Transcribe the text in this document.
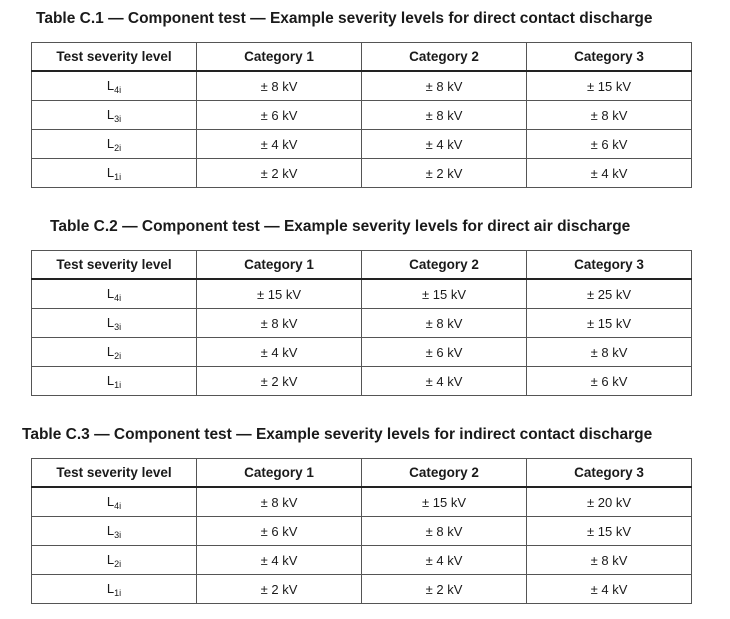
Table C.1 — Component test — Example severity levels for direct contact discharge
Test severity level	Category 1	Category 2	Category 3
$L_{4i}$	± 8 kV	± 8 kV	± 15 kV
$L_{3i}$	± 6 kV	± 8 kV	± 8 kV
$L_{2i}$	± 4 kV	± 4 kV	± 6 kV
$L_{1i}$	± 2 kV	± 2 kV	± 4 kV
Table C.2 — Component test — Example severity levels for direct air discharge
Test severity level	Category 1	Category 2	Category 3
$L_{4i}$	± 15 kV	± 15 kV	± 25 kV
$L_{3i}$	± 8 kV	± 8 kV	± 15 kV
$L_{2i}$	± 4 kV	± 6 kV	± 8 kV
$L_{1i}$	± 2 kV	± 4 kV	± 6 kV
Table C.3 — Component test — Example severity levels for indirect contact discharge
Test severity level	Category 1	Category 2	Category 3
$L_{4i}$	± 8 kV	± 15 kV	± 20 kV
$L_{3i}$	± 6 kV	± 8 kV	± 15 kV
$L_{2i}$	± 4 kV	± 4 kV	± 8 kV
$L_{1i}$	± 2 kV	± 2 kV	± 4 kV
